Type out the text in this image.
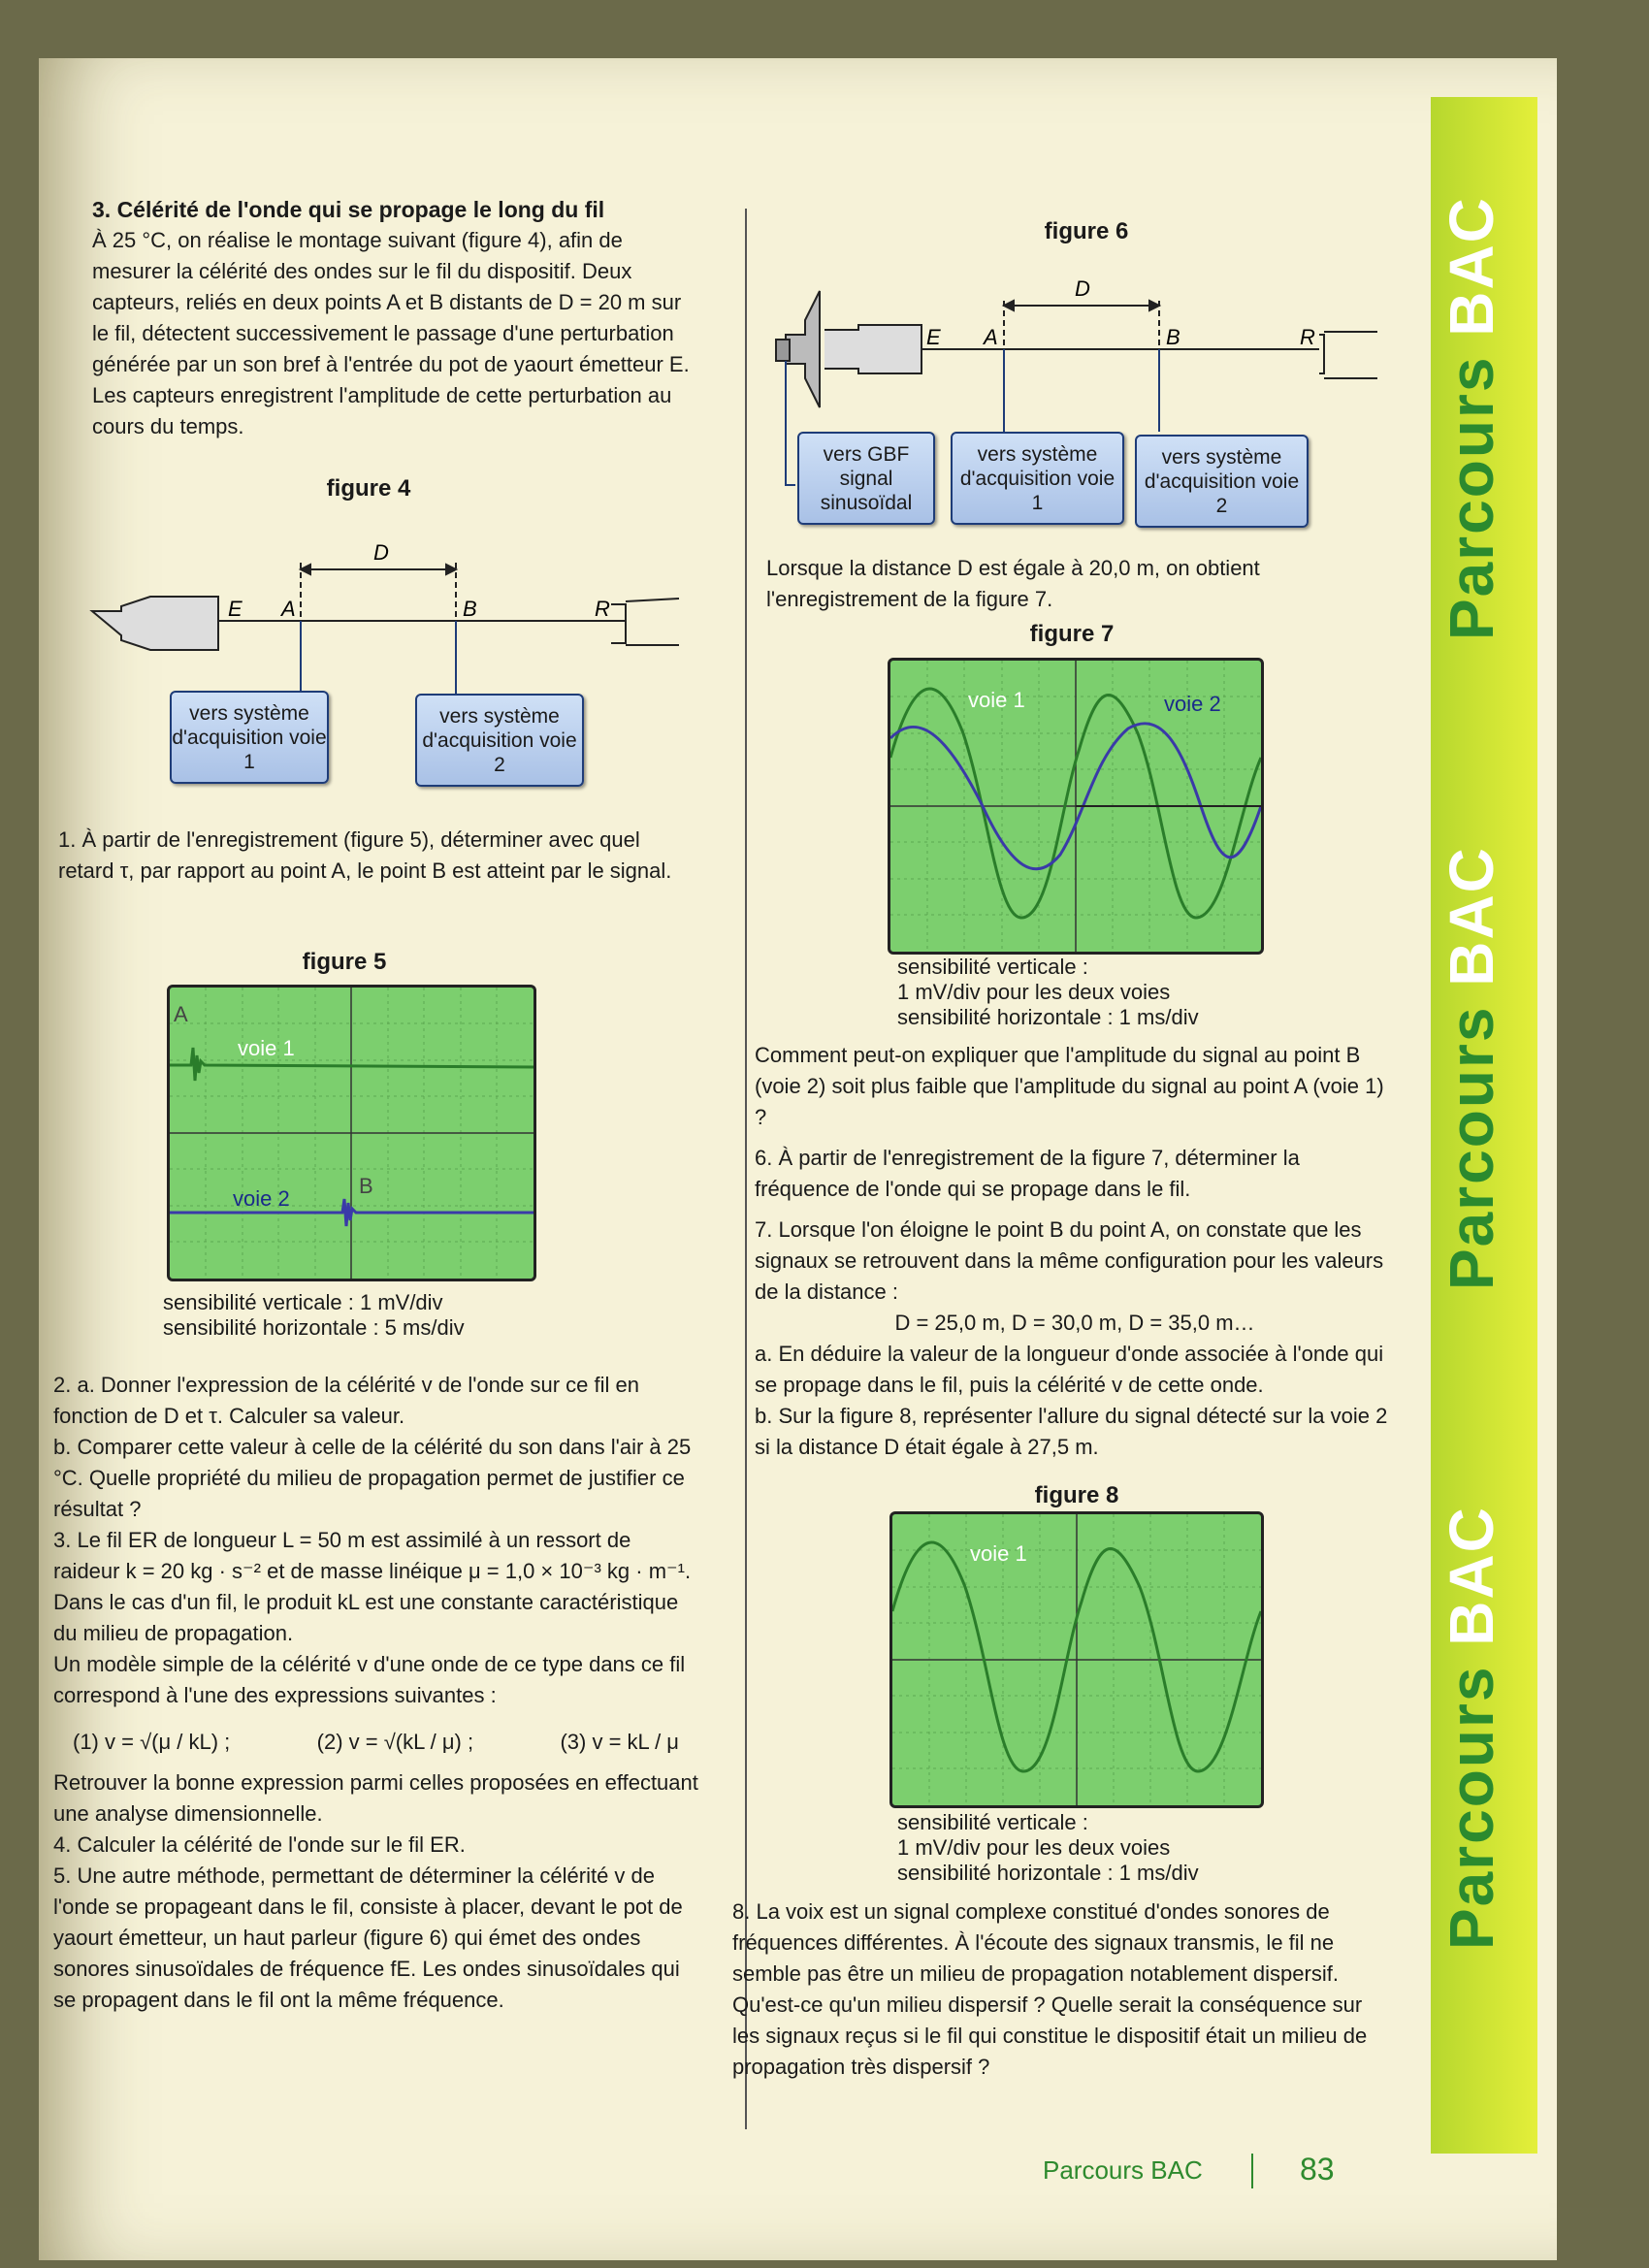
Parcours BAC
Parcours BAC
Parcours BAC

3. Célérité de l'onde qui se propage le long du fil

À 25 °C, on réalise le montage suivant (figure 4), afin de mesurer la célérité des ondes sur le fil du dispositif. Deux capteurs, reliés en deux points A et B distants de D = 20 m sur le fil, détectent successivement le passage d'une perturbation générée par un son bref à l'entrée du pot de yaourt émetteur E. Les capteurs enregistrent l'amplitude de cette perturbation au cours du temps.

figure 4
D
E A	B	R
vers système d'acquisition voie 1
vers système d'acquisition voie 2

1. À partir de l'enregistrement (figure 5), déterminer avec quel retard τ, par rapport au point A, le point B est atteint par le signal.

figure 5
voie 1
voie 2
A
B
sensibilité verticale : 1 mV/div
sensibilité horizontale : 5 ms/div

2. a. Donner l'expression de la célérité v de l'onde sur ce fil en fonction de D et τ. Calculer sa valeur.

b. Comparer cette valeur à celle de la célérité du son dans l'air à 25 °C. Quelle propriété du milieu de propagation permet de justifier ce résultat ?

3. Le fil ER de longueur L = 50 m est assimilé à un ressort de raideur k = 20 kg · s⁻² et de masse linéique μ = 1,0 × 10⁻³ kg · m⁻¹. Dans le cas d'un fil, le produit kL est une constante caractéristique du milieu de propagation.

Un modèle simple de la célérité v d'une onde de ce type dans ce fil correspond à l'une des expressions suivantes :

(1) v = √(μ / kL) ;	(2) v = √(kL / μ) ;	(3) v = kL / μ

Retrouver la bonne expression parmi celles proposées en effectuant une analyse dimensionnelle.

4. Calculer la célérité de l'onde sur le fil ER.

5. Une autre méthode, permettant de déterminer la célérité v de l'onde se propageant dans le fil, consiste à placer, devant le pot de yaourt émetteur, un haut parleur (figure 6) qui émet des ondes sonores sinusoïdales de fréquence fE. Les ondes sinusoïdales qui se propagent dans le fil ont la même fréquence.

figure 6
D
E A	B	R
vers GBF signal sinusoïdal
vers système d'acquisition voie 1
vers système d'acquisition voie 2

Lorsque la distance D est égale à 20,0 m, on obtient l'enregistrement de la figure 7.

figure 7
voie 1	voie 2
sensibilité verticale :
1 mV/div pour les deux voies
sensibilité horizontale : 1 ms/div

Comment peut-on expliquer que l'amplitude du signal au point B (voie 2) soit plus faible que l'amplitude du signal au point A (voie 1) ?

6. À partir de l'enregistrement de la figure 7, déterminer la fréquence de l'onde qui se propage dans le fil.

7. Lorsque l'on éloigne le point B du point A, on constate que les signaux se retrouvent dans la même configuration pour les valeurs de la distance :

D = 25,0 m, D = 30,0 m, D = 35,0 m…

a. En déduire la valeur de la longueur d'onde associée à l'onde qui se propage dans le fil, puis la célérité v de cette onde.

b. Sur la figure 8, représenter l'allure du signal détecté sur la voie 2 si la distance D était égale à 27,5 m.

figure 8
voie 1
sensibilité verticale :
1 mV/div pour les deux voies
sensibilité horizontale : 1 ms/div

8. La voix est un signal complexe constitué d'ondes sonores de fréquences différentes. À l'écoute des signaux transmis, le fil ne semble pas être un milieu de propagation notablement dispersif.

Qu'est-ce qu'un milieu dispersif ? Quelle serait la conséquence sur les signaux reçus si le fil qui constitue le dispositif était un milieu de propagation très dispersif ?

Parcours BAC	83
